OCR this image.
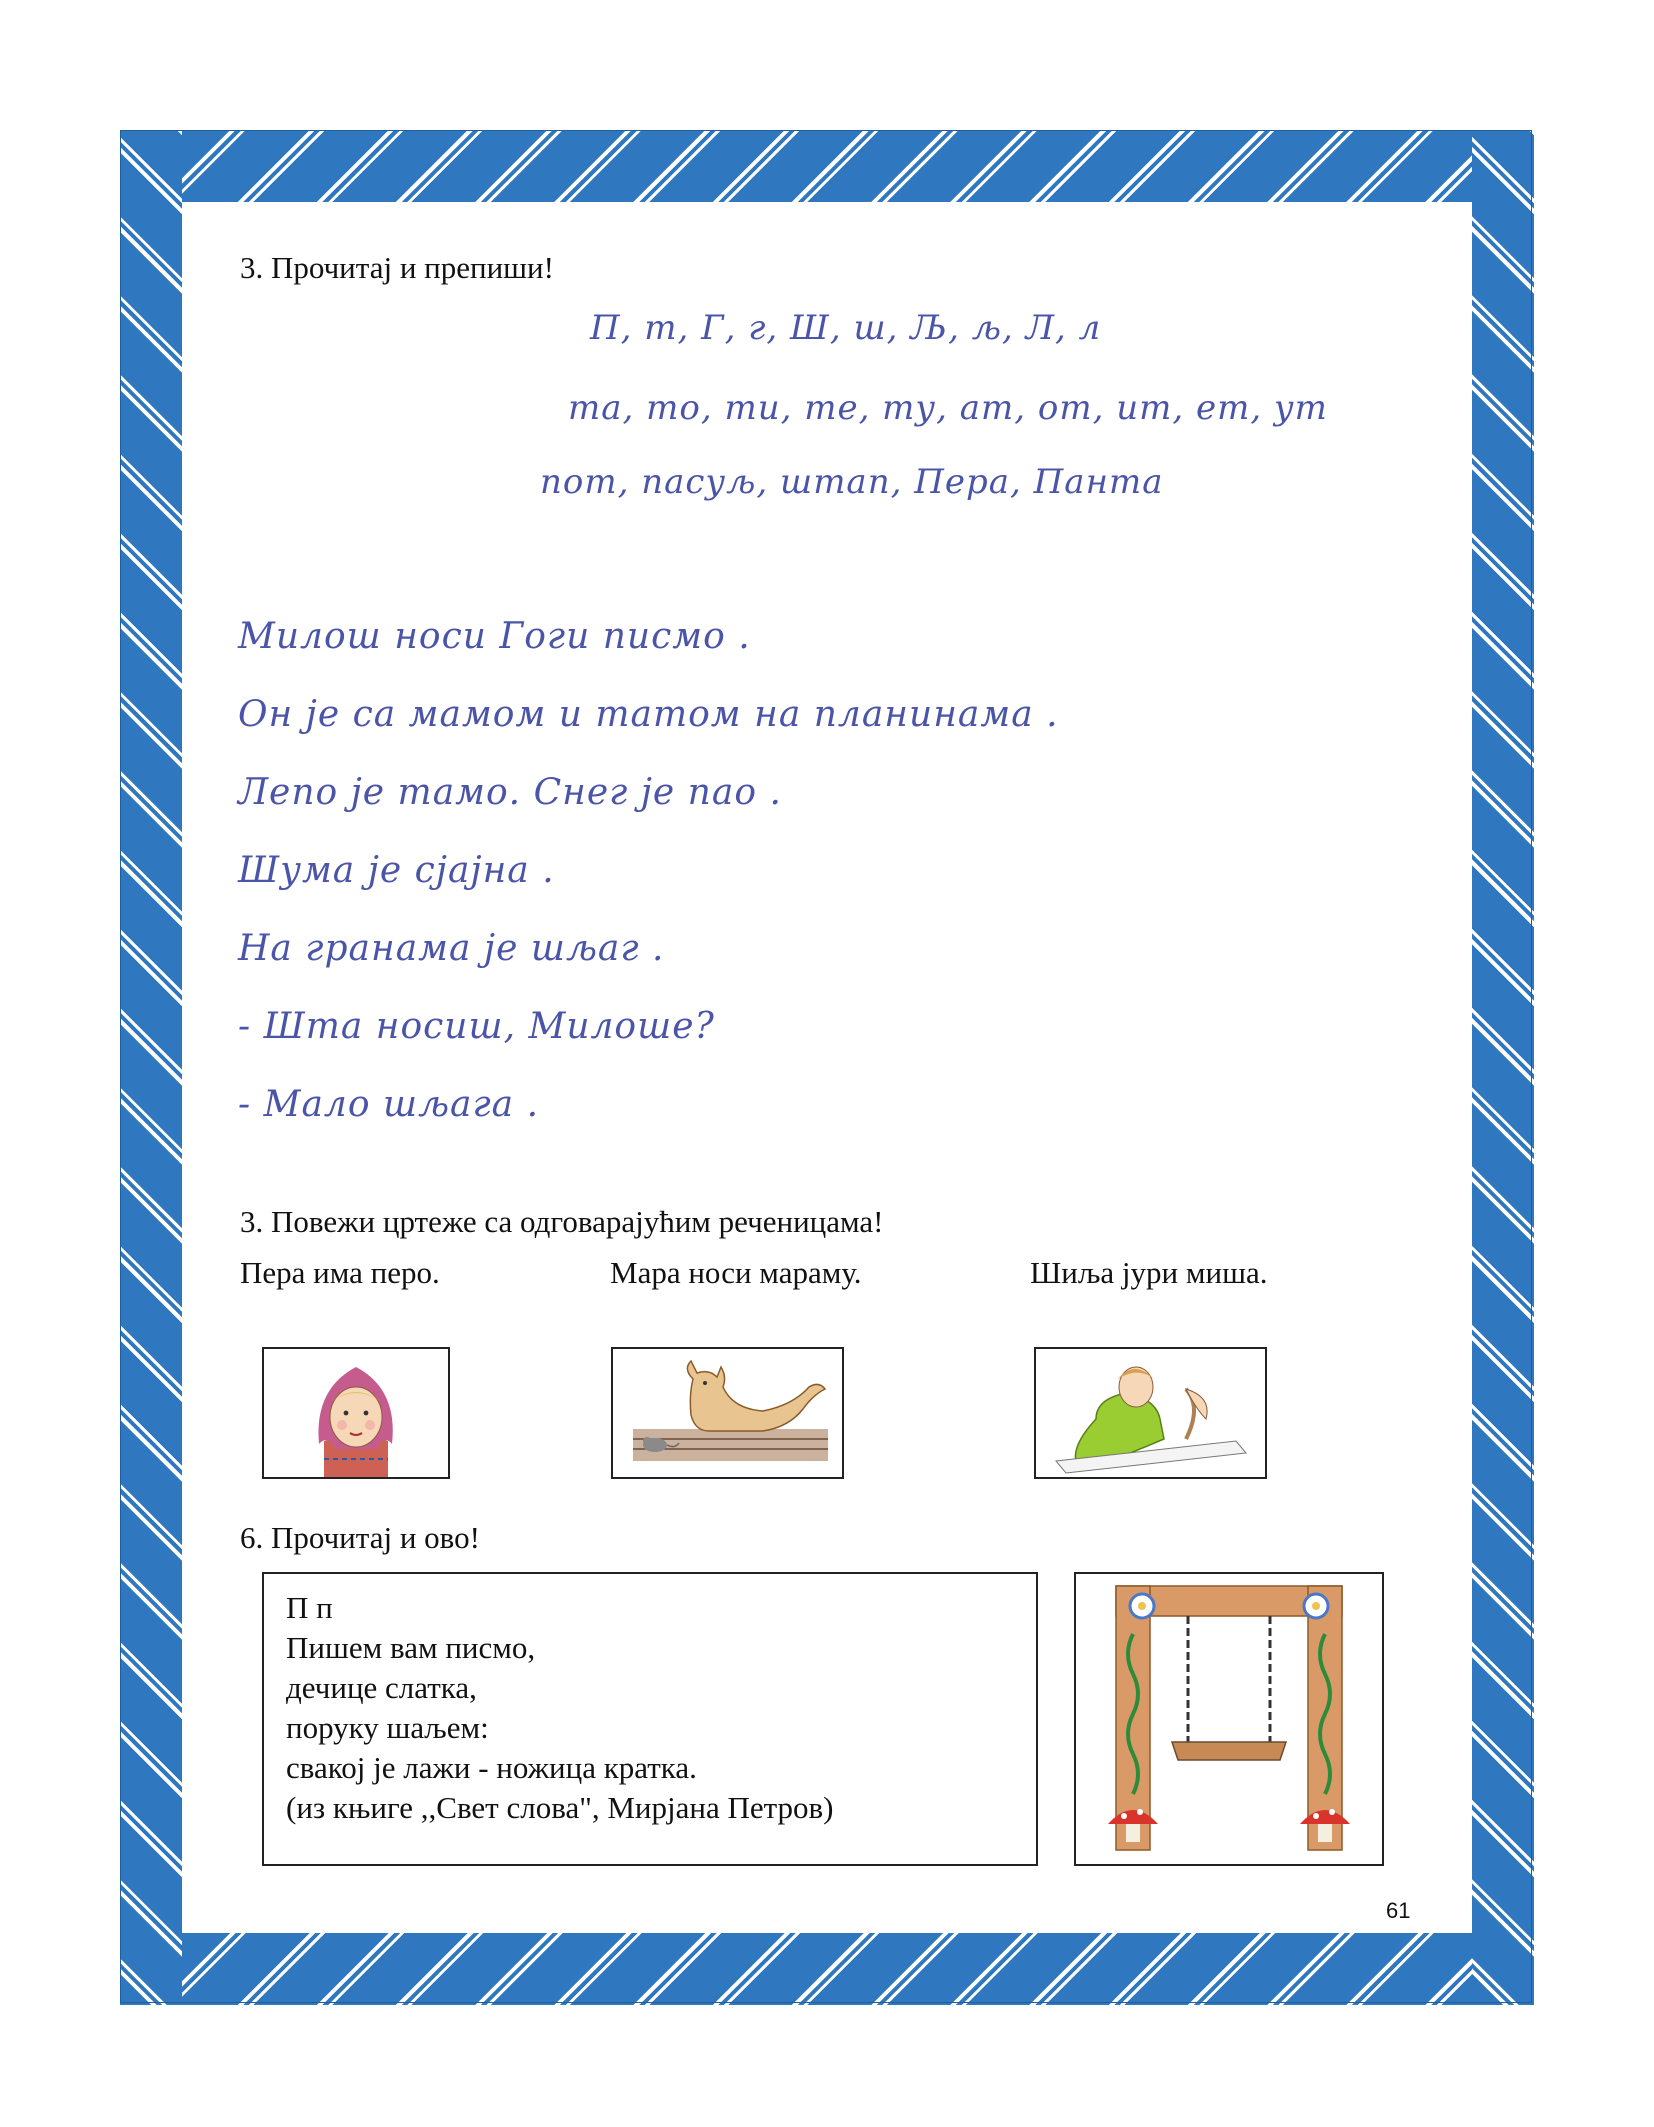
3. Прочитај и препиши!
П, т, Г, г, Ш, ш, Љ, љ, Л, л
та, то, ти, те, ту, ат, от, ит, ет, ут
пот, пасуљ, штап, Пера, Панта
Милош носи Гоги писмо .
Он је са мамом и татом на планинама .
Лепо је тамо. Снег је пао .
Шума је сјајна .
На гранама је шљаг .
- Шта носиш, Милоше?
- Мало шљага .
3. Повежи цртеже са одговарајућим реченицама!
Пера има перо.	Мара носи мараму.	Шиља јури миша.
6. Прочитај и ово!
П п
Пишем вам писмо,
дечице слатка,
поруку шаљем:
свакој је лажи - ножица кратка.
(из књиге ,,Свет слова", Мирјана Петров)
61
